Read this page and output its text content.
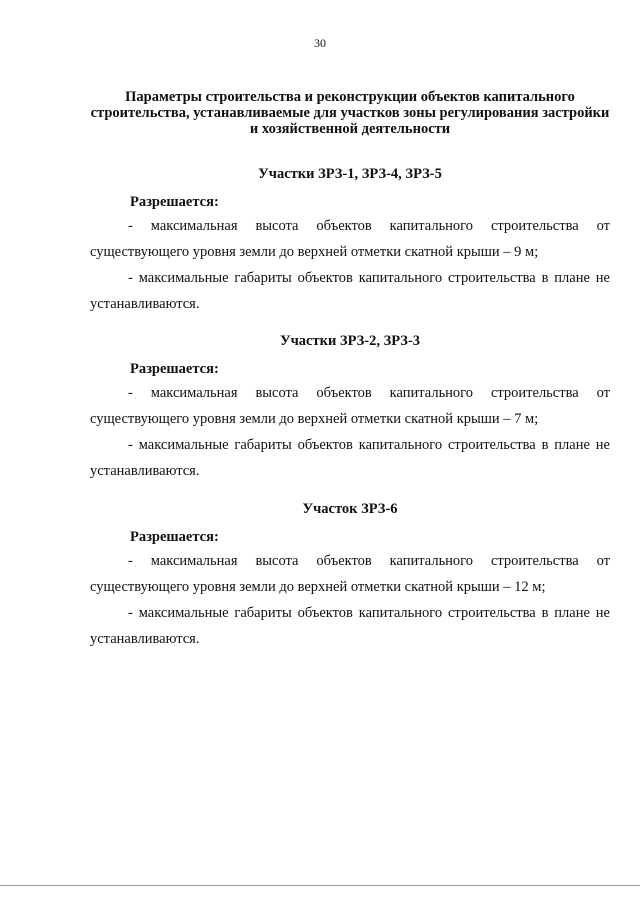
30
Параметры строительства и реконструкции объектов капитального строительства, устанавливаемые для участков зоны регулирования застройки и хозяйственной деятельности
Участки ЗРЗ-1, ЗРЗ-4, ЗРЗ-5
Разрешается:

- максимальная высота объектов капитального строительства от существующего уровня земли до верхней отметки скатной крыши – 9 м;

- максимальные габариты объектов капитального строительства в плане не устанавливаются.

Участки ЗРЗ-2, ЗРЗ-3
Разрешается:

- максимальная высота объектов капитального строительства от существующего уровня земли до верхней отметки скатной крыши – 7 м;

- максимальные габариты объектов капитального строительства в плане не устанавливаются.

Участок ЗРЗ-6
Разрешается:

- максимальная высота объектов капитального строительства от существующего уровня земли до верхней отметки скатной крыши – 12 м;

- максимальные габариты объектов капитального строительства в плане не устанавливаются.
